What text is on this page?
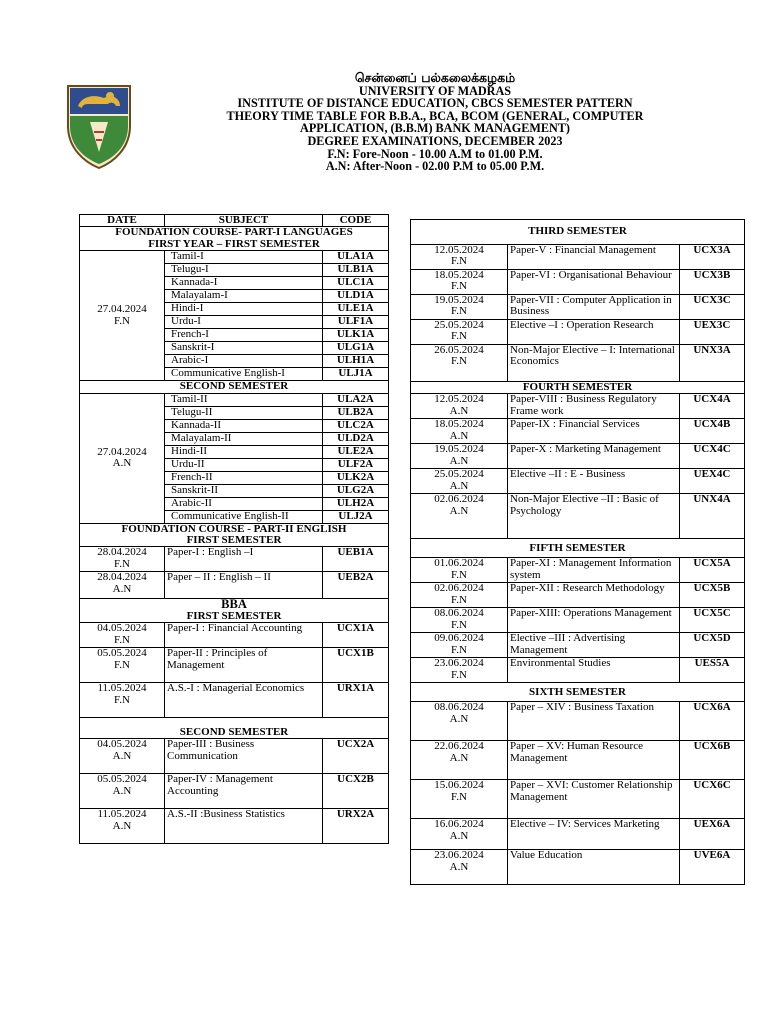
சென்னைப் பல்கலைக்கழகம்
UNIVERSITY OF MADRAS
INSTITUTE OF DISTANCE EDUCATION, CBCS SEMESTER PATTERN
THEORY TIME TABLE FOR B.B.A., BCA, BCOM (GENERAL, COMPUTER
APPLICATION, (B.B.M) BANK MANAGEMENT)
DEGREE EXAMINATIONS, DECEMBER 2023
F.N: Fore-Noon - 10.00 A.M to 01.00 P.M.
A.N: After-Noon - 02.00 P.M to 05.00 P.M.
DATE	SUBJECT	CODE

FOUNDATION COURSE- PART-I LANGUAGES
FIRST YEAR – FIRST SEMESTER		

27.04.2024
F.N	Tamil-I	ULA1A
	Telugu-I	ULB1A
	Kannada-I	ULC1A
	Malayalam-I	ULD1A
	Hindi-I	ULE1A
	Urdu-I	ULF1A
	French-I	ULK1A
	Sanskrit-I	ULG1A
	Arabic-I	ULH1A
	Communicative English-I	ULJ1A
SECOND SEMESTER		

27.04.2024
A.N	Tamil-II	ULA2A
	Telugu-II	ULB2A
	Kannada-II	ULC2A
	Malayalam-II	ULD2A
	Hindi-II	ULE2A
	Urdu-II	ULF2A
	French-II	ULK2A
	Sanskrit-II	ULG2A
	Arabic-II	ULH2A
	Communicative English-II	ULJ2A

FOUNDATION COURSE - PART-II ENGLISH
FIRST SEMESTER		

28.04.2024
F.N	Paper-I : English –I	UEB1A

28.04.2024
A.N	Paper – II : English – II	UEB2A

BBA
FIRST SEMESTER		

04.05.2024
F.N	Paper-I : Financial Accounting	UCX1A

05.05.2024
F.N	Paper-II : Principles of Management	UCX1B

11.05.2024
F.N	A.S.-I : Managerial Economics	URX1A
SECOND SEMESTER		

04.05.2024
A.N	Paper-III : Business Communication	UCX2A

05.05.2024
A.N	Paper-IV : Management Accounting	UCX2B

11.05.2024
A.N	A.S.-II :Business Statistics	URX2A
THIRD SEMESTER		

12.05.2024
F.N	Paper-V : Financial Management	UCX3A

18.05.2024
F.N	Paper-VI : Organisational Behaviour	UCX3B

19.05.2024
F.N	Paper-VII : Computer Application in Business	UCX3C

25.05.2024
F.N	Elective –I : Operation Research	UEX3C

26.05.2024
F.N	Non-Major Elective – I: International Economics	UNX3A
FOURTH SEMESTER		

12.05.2024
A.N	Paper-VIII : Business Regulatory Frame work	UCX4A

18.05.2024
A.N	Paper-IX : Financial Services	UCX4B

19.05.2024
A.N	Paper-X : Marketing Management	UCX4C

25.05.2024
A.N	Elective –II : E - Business	UEX4C

02.06.2024
A.N	Non-Major Elective –II : Basic of Psychology	UNX4A
FIFTH SEMESTER		

01.06.2024
F.N	Paper-XI : Management Information system	UCX5A

02.06.2024
F.N	Paper-XII : Research Methodology	UCX5B

08.06.2024
F.N	Paper-XIII: Operations Management	UCX5C

09.06.2024
F.N	Elective –III : Advertising Management	UCX5D

23.06.2024
F.N	Environmental Studies	UES5A
SIXTH SEMESTER		

08.06.2024
A.N	Paper – XIV : Business Taxation	UCX6A

22.06.2024
A.N	Paper – XV: Human Resource Management	UCX6B

15.06.2024
F.N	Paper – XVI: Customer Relationship Management	UCX6C

16.06.2024
A.N	Elective – IV: Services Marketing	UEX6A

23.06.2024
A.N	Value Education	UVE6A
